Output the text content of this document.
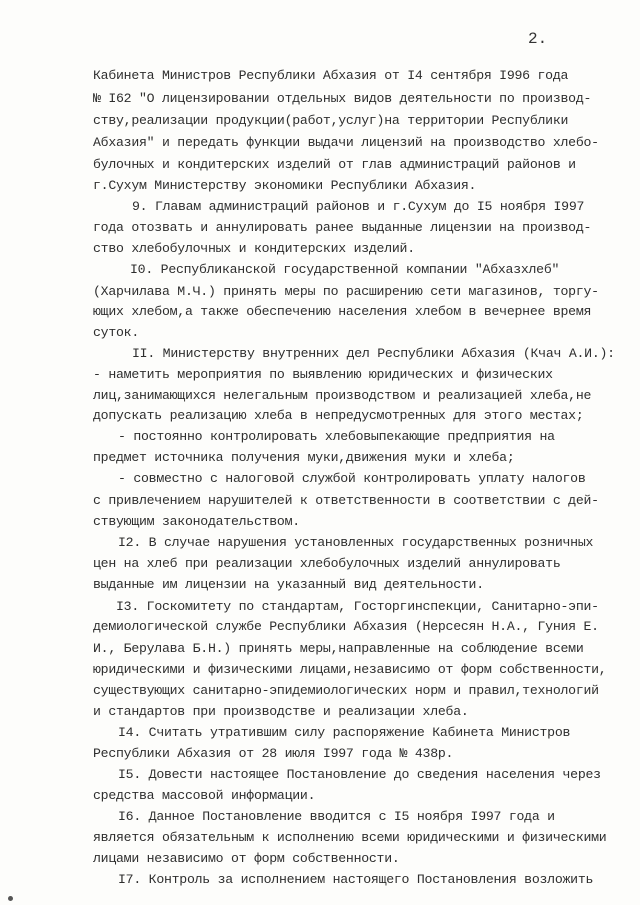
2.
Кабинета Министров Республики Абхазия от I4 сентября I996 года
№ I62 "О лицензировании отдельных видов деятельности по производ-
ству,реализации продукции(работ,услуг)на территории Республики
Абхазия" и передать функции выдачи лицензий на производство хлебо-
булочных и кондитерских изделий от глав администраций районов и
г.Сухум Министерству экономики Республики Абхазия.
9. Главам администраций районов и г.Сухум до I5 ноября I997
года отозвать и аннулировать ранее выданные лицензии на производ-
ство хлебобулочных и кондитерских изделий.
I0. Республиканской государственной компании "Абхазхлеб"
(Харчилава М.Ч.) принять меры по расширению сети магазинов, торгу-
ющих хлебом,а также обеспечению населения хлебом в вечернее время
суток.
II. Министерству внутренних дел Республики Абхазия (Кчач А.И.):
- наметить мероприятия по выявлению юридических и физических
лиц,занимающихся нелегальным производством и реализацией хлеба,не
допускать реализацию хлеба в непредусмотренных для этого местах;
- постоянно контролировать хлебовыпекающие предприятия на
предмет источника получения муки,движения муки и хлеба;
- совместно с налоговой службой контролировать уплату налогов
с привлечением нарушителей к ответственности в соответствии с дей-
ствующим законодательством.
I2. В случае нарушения установленных государственных розничных
цен на хлеб при реализации хлебобулочных изделий аннулировать
выданные им лицензии на указанный вид деятельности.
I3. Госкомитету по стандартам, Госторгинспекции, Санитарно-эпи-
демиологической службе Республики Абхазия (Нерсесян Н.А., Гуния Е.
И., Берулава Б.Н.) принять меры,направленные на соблюдение всеми
юридическими и физическими лицами,независимо от форм собственности,
существующих санитарно-эпидемиологических норм и правил,технологий
и стандартов при производстве и реализации хлеба.
I4. Считать утратившим силу распоряжение Кабинета Министров
Республики Абхазия от 28 июля I997 года № 438р.
I5. Довести настоящее Постановление до сведения населения через
средства массовой информации.
I6. Данное Постановление вводится с I5 ноября I997 года и
является обязательным к исполнению всеми юридическими и физическими
лицами независимо от форм собственности.
I7. Контроль за исполнением настоящего Постановления возложить
